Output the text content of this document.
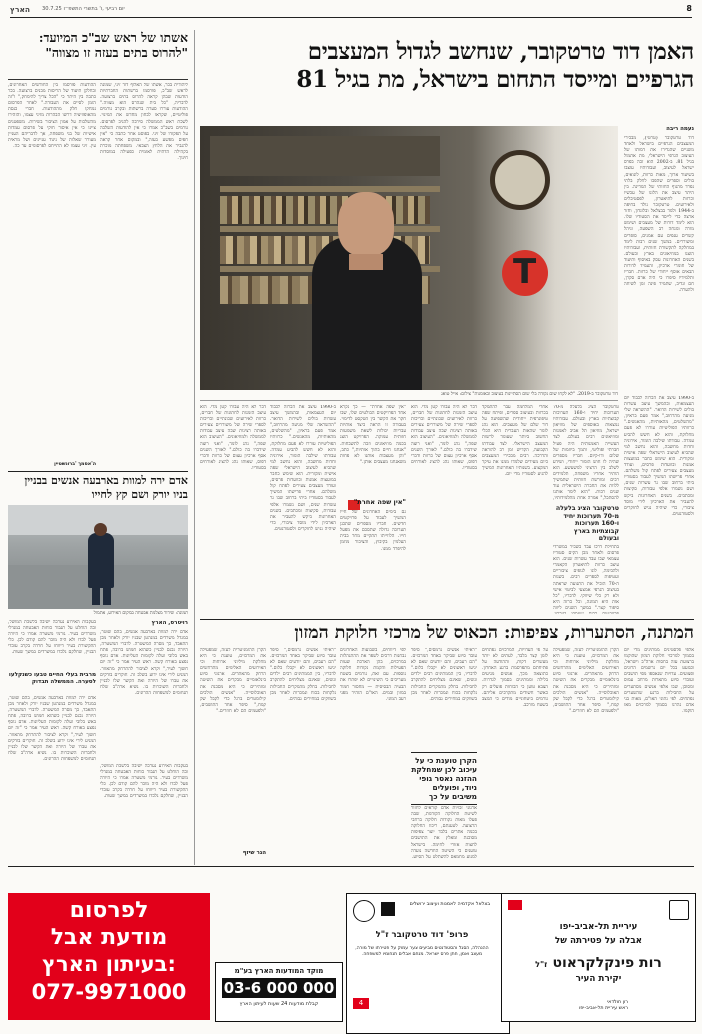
הארץ יום רביעי ,ו' בתשרי התשפ״ו 30.7.25	8
אשתו של ראש שב"כ המיועד: "להרוס בתים בעזה זו מצווה"
ליהודית בכר, אשתו של האלוף דוד זיני, שמונה לראש שב"כ, פורסמו ברשתות החברתיות הודעות שבהן קראה להרוס בתים ברצועה. לדבריה, "כל בית שנהרס הוא מצווה." ההודעות עוררו סערה ברשתות ובקרב גורמים פוליטיים, שקראו לבחון מחדש את המינוי. לשכת ראש הממשלה סירבה להגיב לפרסום. גורמים בשב"כ אמרו כי אין להודעות השלכה על תפקודו של זיני. בפוסט אחר כתבה כי "אין חפים מפשע בעזה," ובמקום אחר קראה להגביר את הלחץ הצבאי. משפחתה מוכרת בקהילה הדתית לאומית כפעילה במוסדות חינוך.
ההודעות פורסמו בין החודשים האחרונים, ובחלקן תיעוד של הריסות מבנים ברצועה. בכר כתבה בין היתר כי "הכל צריך להימחק," ו"זה הזמן לסיים את העבודה." לאחר הפרסום נמחקו חלק מההודעות. חברי כנסת מהאופוזיציה דרשו הבהרות מזיני עצמו, והזהירו מהשלכות על אמון הציבור בשירות. משפטנים ציינו כי אין איסור חוקי על פרסום עמדות אישיות של בני משפחה, אך לדבריהם העניין מעורר שאלות של ניגוד עניינים ושל מראית עין. זיני עצמו לא התייחס לפרסומים עד כה.
ה'אסמך 'ברונשטיין
אדם ירה למוות בארבעה אנשים בבניין בניו יורק ושם קץ לחייו
תמונה: שידור מצלמת אבטחה במקום האירוע, אתמול
רויטרס, הארץ
אדם ירה למוות בארבעה אנשים, בהם שוטר, במגדל משרדים במנהטן שבניו יורק ולאחר מכן התאבד, כך מסרה המשטרה. לדברי המשטרה, היורה נכנס לבניין כשהוא חמוש ברובה, פתח באש בלובי ועלה לקומות העליונות. אדם נוסף נפצע באורח קשה. ראש העיר אמר כי "זה יום חשוך לעיר," וקרא לציבור להתרחק מהאזור. המניע לירי אינו ידוע בשלב זה. חוקרים בודקים את עברו של היורה ואת הקשר שלו לבניין ולחברות השוכרות בו. נשיא ארה"ב שלח תנחומים למשפחות ההרוגים.
בעקבות האירוע נערכה ישיבה בלשכת המושל, ובה הוחלט על תגבור כוחות האבטחה במגדלי משרדים בעיר. גורמי משטרה אמרו כי היורה פעל לבדו ולא היה מוכר להם קודם לכן. כלי התקשורת בעיר דיווחו על חרדה בקרב עובדי הבניין, שחלקם נלכדו במשרדים במשך שעות.
מרבית בעלי החיים טבעו כשנקלעו לסערה. הממשלה תבדוק
אדם ירה למוות בארבעה אנשים, בהם שוטר, במגדל משרדים במנהטן שבניו יורק ולאחר מכן התאבד, כך מסרה המשטרה. לדברי המשטרה, היורה נכנס לבניין כשהוא חמוש ברובה, פתח באש בלובי ועלה לקומות העליונות. אדם נוסף נפצע באורח קשה. ראש העיר אמר כי "זה יום חשוך לעיר," וקרא לציבור להתרחק מהאזור. המניע לירי אינו ידוע בשלב זה. חוקרים בודקים את עברו של היורה ואת הקשר שלו לבניין ולחברות השוכרות בו. נשיא ארה"ב שלח תנחומים למשפחות ההרוגים.
בעקבות האירוע נערכה ישיבה בלשכת המושל, ובה הוחלט על תגבור כוחות האבטחה במגדלי משרדים בעיר. גורמי משטרה אמרו כי היורה פעל לבדו ולא היה מוכר להם קודם לכן. כלי התקשורת בעיר דיווחו על חרדה בקרב עובדי הבניין, שחלקם נלכדו במשרדים במשך שעות.
האמן דוד טרטקובר, שנחשב לגדול המעצבים
הגרפיים ומייסד התחום בישראל, מת בגיל 81
נעמה ריבה
דוד טרטקובר (טרטי), מבכירי המעצבים הגרפיים בישראל ולאחד משניים שהגדירו את דמותו של העיצוב הגרפי הישראלי, מת אתמול בגיל 81. ב-2002 הוא זכה בפרס ישראל לעיצוב, ועבודותיו עוצבו בשיעור ארוך, מאות כרזות, לוגואים, בולים וספרים שהפכו לחלק בלתי נפרד מהנוף החזותי של המדינה. בין היתר עיצב את הלוגו של עכשיו וכרזות לתיאטרון, לפסטיבלים ולאירועים. טרטקובר נולד בחיפה ב-1944 ולמד בבצלאל ובלונדון, וחזר ארצה כדי לייסד את הסטודיו שלו. הוא לימד דורות של מעצבים ושימש מורה ומנחה רב השפעה, וניהל קשרים ענפים עם אמנים, סופרים ומשוררים. במשך שנים רבות לימד במחלקה לתקשורת חזותית, ועבודותיו הוצגו במוזיאונים בארץ ובעולם. בשנים האחרונות עסק באיסוף ותיעוד של חומרי ארכיון, והעמיד לדורות הבאים אוסף ייחודי של כרזות. חבריו ותלמידיו סיפרו כי היה אדם סקרן, חם ונדיב, שתמיד פינה זמן לשיחה ולהערה.
ב-1990 עיצב את הכרזה לכבוד יום העצמאות, ובהמשך עיצב עשרות בולים לשירות הדואר. "ההשראה שלי מגיעה מהרחוב," אמר פעם בראיון, "מהשלטים, מהאותיות, מהאנשים." כרזותיו הפוליטיות עוררו לא פעם מחלוקת, והוא לא חשש להביע עמדה. עבודתו שילבה הומור, אירוניה וחדות מחשבה, והוא נחשב למי שהביא לעיצוב הישראלי שפה אישית ומקורית. הוא שימש כחבר במועצות אמנות ובוועדות פרסים, ועודד מעצבים צעירים לפתח קול משלהם. אחרי פרישתו המשיך לעבוד בסטודיו ביתי ברחוב שבו גר עשרות שנים, ושם נשמרו אלפי עבודות, סקיצות ומכתבים. בשנים האחרונות ביקש להעביר את הארכיון לידי מוסד ציבורי, כדי שיהיה נגיש לחוקרים ולסטודנטים.
T
דוד טרטקובר ב-2019. "לא לקחו שום נקודה בלי שום הסתייגות בעיצוב ובאומנות" צילום: אייל טואג
טרטקובר הציג בלעלה מ-70 תערוכות יחיד ו-160 תערוכות קבוצתיות בארץ ובעולם. עבודותיו נמצאות באוספים של מוזיאון ישראל, מוזיאון תל אביב לאמנות ומוזיאונים רבים בעולם. לצד העשייה האמנותית היה פעיל חברתי ופוליטי, ותמך ביוזמות של שלום ודו-קיום. חבריו מספרים שהיה לו חוש הומור ייחודי, ושידע לשלב בין הרציני למשעשע. הוא הותיר אחריו משפחה, תלמידים רבים ומורשת חזותית שתמשיך ללוות את החברה הישראלית עוד שנים רבות. "הוא לימד אותנו להסתכל," אמרה אחת מתלמידותיו,
טרטקובר הציג בלעלה מ-70 תערוכות יחיד ו-160 תערוכות קבוצתיות בארץ ובעולם
בתחילת דרכו עבד כשכיר במשרדי פרסום ולאחר מכן הקים סטודיו עצמאי שבו עבד עשרות שנים. הוא עיצב כרזות לתיאטרון הקאמרי ולהבימה, לוגו לגופים ציבוריים ועטיפות לספרים רבים. בשנות ה-70 הוביל את התנועה שראתה בעיצוב הגרפי אמצעי לביטוי אישי ולא רק כלי שיווקי. לדבריו, "כל אות היא תמונה, וכל כרזה היא סיפור קצר." במשך השנים ליווה
אחרי המלחמה עבר להתמקד בכרזות ובעיצוב ספרים, ופיתח שפה טיפוגרפית ייחודית שהשפיעה על דור שלם של מעצבים. הוא נהג לומר שהאות העברית היא הכלי החשוב ביותר שעומד לרשות המעצב הישראלי. לצד עבודתו הקבועה, הקדיש זמן רב להוראה והדרכה. רבים מבכירי המעצבים כיום מעידים שלמדו ממנו את עיקר המקצוע. בשנותיו האחרונות המשיך להגיע לסטודיו מדי יום.
דבר לא היה עבורו קטן מדי. הוא עיצב הזמנות לחתונות של חברים, כרזות לאירועים שכונתיים וכריכות לספרי שירה של משוררים צעירים באותה רצינות שבה עיצב עבודות לממשלה ולמוזיאונים. "העיצוב הוא שפה," נהג לומר, "ואני רוצה שידברו בה כולם." לאורך השנים אסף ארכיון עצום של כרזות ודברי דפוס, שאותו נהג להציג לאורחים בסטודיו.
"אין שפה אחרת" — כך נקרא אחד הפרויקטים הבולטים שלו, שבו חקר את הקשר בין הטקסט לדימוי. בעבודה זו הראה כיצד אותיות עבריות יכולות לשאת משמעות חזותית עמוקה. הפרויקט הוצג בכמה מוזיאונים וזכה לתשבחות. "אנחנו חיים בתוך אותיות," כתב, "והן מעצבות אותנו לא פחות משאנחנו מעצבים אותן."
"אין שפה אחרת"
גם בימים האחרונים של חייו המשיך לעבוד על פרויקטים חדשים. חבריו מספרים שתכנן תערוכה גדולה שתסכם את מפעל חייו. הלווייתו תתקיים מחר בבית העלמין בקיבוץ, והציבור מוזמן להיפרד ממנו.
ב-1990 עיצב את הכרזה לכבוד יום העצמאות, ובהמשך עיצב עשרות בולים לשירות הדואר. "ההשראה שלי מגיעה מהרחוב," אמר פעם בראיון, "מהשלטים, מהאותיות, מהאנשים." כרזותיו הפוליטיות עוררו לא פעם מחלוקת, והוא לא חשש להביע עמדה. עבודתו שילבה הומור, אירוניה וחדות מחשבה, והוא נחשב למי שהביא לעיצוב הישראלי שפה אישית ומקורית. הוא שימש כחבר במועצות אמנות ובוועדות פרסים, ועודד מעצבים צעירים לפתח קול משלהם. אחרי פרישתו המשיך לעבוד בסטודיו ביתי ברחוב שבו גר עשרות שנים, ושם נשמרו אלפי עבודות, סקיצות ומכתבים. בשנים האחרונות ביקש להעביר את הארכיון לידי מוסד ציבורי, כדי שיהיה נגיש לחוקרים ולסטודנטים.
דבר לא היה עבורו קטן מדי. הוא עיצב הזמנות לחתונות של חברים, כרזות לאירועים שכונתיים וכריכות לספרי שירה של משוררים צעירים באותה רצינות שבה עיצב עבודות לממשלה ולמוזיאונים. "העיצוב הוא שפה," נהג לומר, "ואני רוצה שידברו בה כולם." לאורך השנים אסף ארכיון עצום של כרזות ודברי דפוס, שאותו נהג להציג לאורחים בסטודיו.
המתנה, הסתערות, צפיפות: הכאוס של מרכזי חלוקת המזון
אלפי פלסטינים ממתינים מדי יום בסמוך למרכזי חלוקת המזון שהוקמו ברצועת עזה בחסות ארה"ב וישראל, וכמעט בכל יום נרשמים הרוגים ופצועים. עדויות שנאספו מפי תושבים ועובדי סיוע מתארות מרחב עמוס ומסוכן, שבו אלפי אנשים מסתערים על החבילות ברגע שהשערים נפתחים. לפי נתוני האו"ם, מאות בני אדם נהרגו בסמוך למרכזים מאז הוקמו.
הקרן ההומניטרית לעזה, שמפעילה את המרכזים, טוענת כי היא מחלקת מיליוני ארוחות וכי האירועים האלימים מתרחשים הרחק מהאתרים. ארגוני סיוע בינלאומיים מבקרים את השיטה ומזהירים כי היא מסכנת את האוכלוסייה. "אנשים הולכים קילומטרים ברגל כדי לקבל שק קמח," סיפר אחד התושבים, "ולפעמים הם לא חוזרים."
על פי העדויות, המרכזים נפתחים לזמן קצר בלבד, לעתים לא יותר מעשרים דקות, וההודעה על פתיחתם מתפרסמת ברגע האחרון. כתוצאה מכך, אנשים מגיעים בלילה וממתינים בסמוך לגדרות. הצבא טוען כי הכוחות פועלים רק כאשר חשודים מתקרבים אליהם. גורמים ביטחוניים מודים כי המצב בשטח מורכב.
"ראיתי אנשים נרמסים," סיפר עובד סיוע שביקר באחד המרכזים. "הם רעבים, והם יודעים שאם לא יגיעו ראשונים לא יקבלו כלום." לדבריו, בין הממתינים רבים ילדים ונשים, שאינם מצליחים להתקרב לחבילות. בחלק מהמקרים החבילות נלקחות בכוח ונמכרות לאחר מכן בשווקים במחירים גבוהים.
הקרן טוענת כי על עיכוב לכן שמחלקת ההזנה נאסר גופי ניוד, ופועלים משיבים על כך
ארגוני זכויות אדם קוראים לחזור לשיטת החלוקה הקודמת, שבה פעלו מאות נקודות חלוקה ברחבי הרצועה. לטענתם, ריכוז החלוקה בכמה אתרים בלבד יוצר צפיפות מסוכנת ומאלץ את התושבים לחצות אזורי לחימה. בישראל טוענים כי השיטה החדשה נועדה למנוע מחמאס להשתלט על הסיוע.
לפי דיווחים, בשבועות האחרונים נבחנות דרכים לשפר את ההתנהלות במרכזים, בהן הארכת שעות הפעילות והקמת נקודות חלוקה נוספות. עם זאת, גורמים בשטח מעריכים כי השינויים לא יפתרו את הבעיה הבסיסית — מחסור חמור במזון ובמים. האו"ם הזהיר מפני רעב המוני.
"ראיתי אנשים נרמסים," סיפר עובד סיוע שביקר באחד המרכזים. "הם רעבים, והם יודעים שאם לא יגיעו ראשונים לא יקבלו כלום." לדבריו, בין הממתינים רבים ילדים ונשים, שאינם מצליחים להתקרב לחבילות. בחלק מהמקרים החבילות נלקחות בכוח ונמכרות לאחר מכן בשווקים במחירים גבוהים.
הקרן ההומניטרית לעזה, שמפעילה את המרכזים, טוענת כי היא מחלקת מיליוני ארוחות וכי האירועים האלימים מתרחשים הרחק מהאתרים. ארגוני סיוע בינלאומיים מבקרים את השיטה ומזהירים כי היא מסכנת את האוכלוסייה. "אנשים הולכים קילומטרים ברגל כדי לקבל שק קמח," סיפר אחד התושבים, "ולפעמים הם לא חוזרים."
הגר שיזף
לפרסום
מודעת אבל
בעיתון הארץ:
077-9971000
מוקד המודעות הארץ בע"מ
03-6 000 000
קבלת מודעות 24 שעות לעיתון הארץ
בצלאל אקדמיה לאמנות ועיצוב ירושלים
פרופ' דוד טרטקובר ז"ל
ההנהלה, הסגל והסטודנטים מביעים צער עמוק על פטירתו של מורה, מעצב ואמן, חתן פרס ישראל. מנחם אבלים תנחומיו למשפחה.
4
עיריית תל-אביב-יפו
אבלה על פטירתה של
רות פינקלקראוט ז"ל
יקירת העיר
רון חולדאי
ראש עיריית תל-אביב-יפו
